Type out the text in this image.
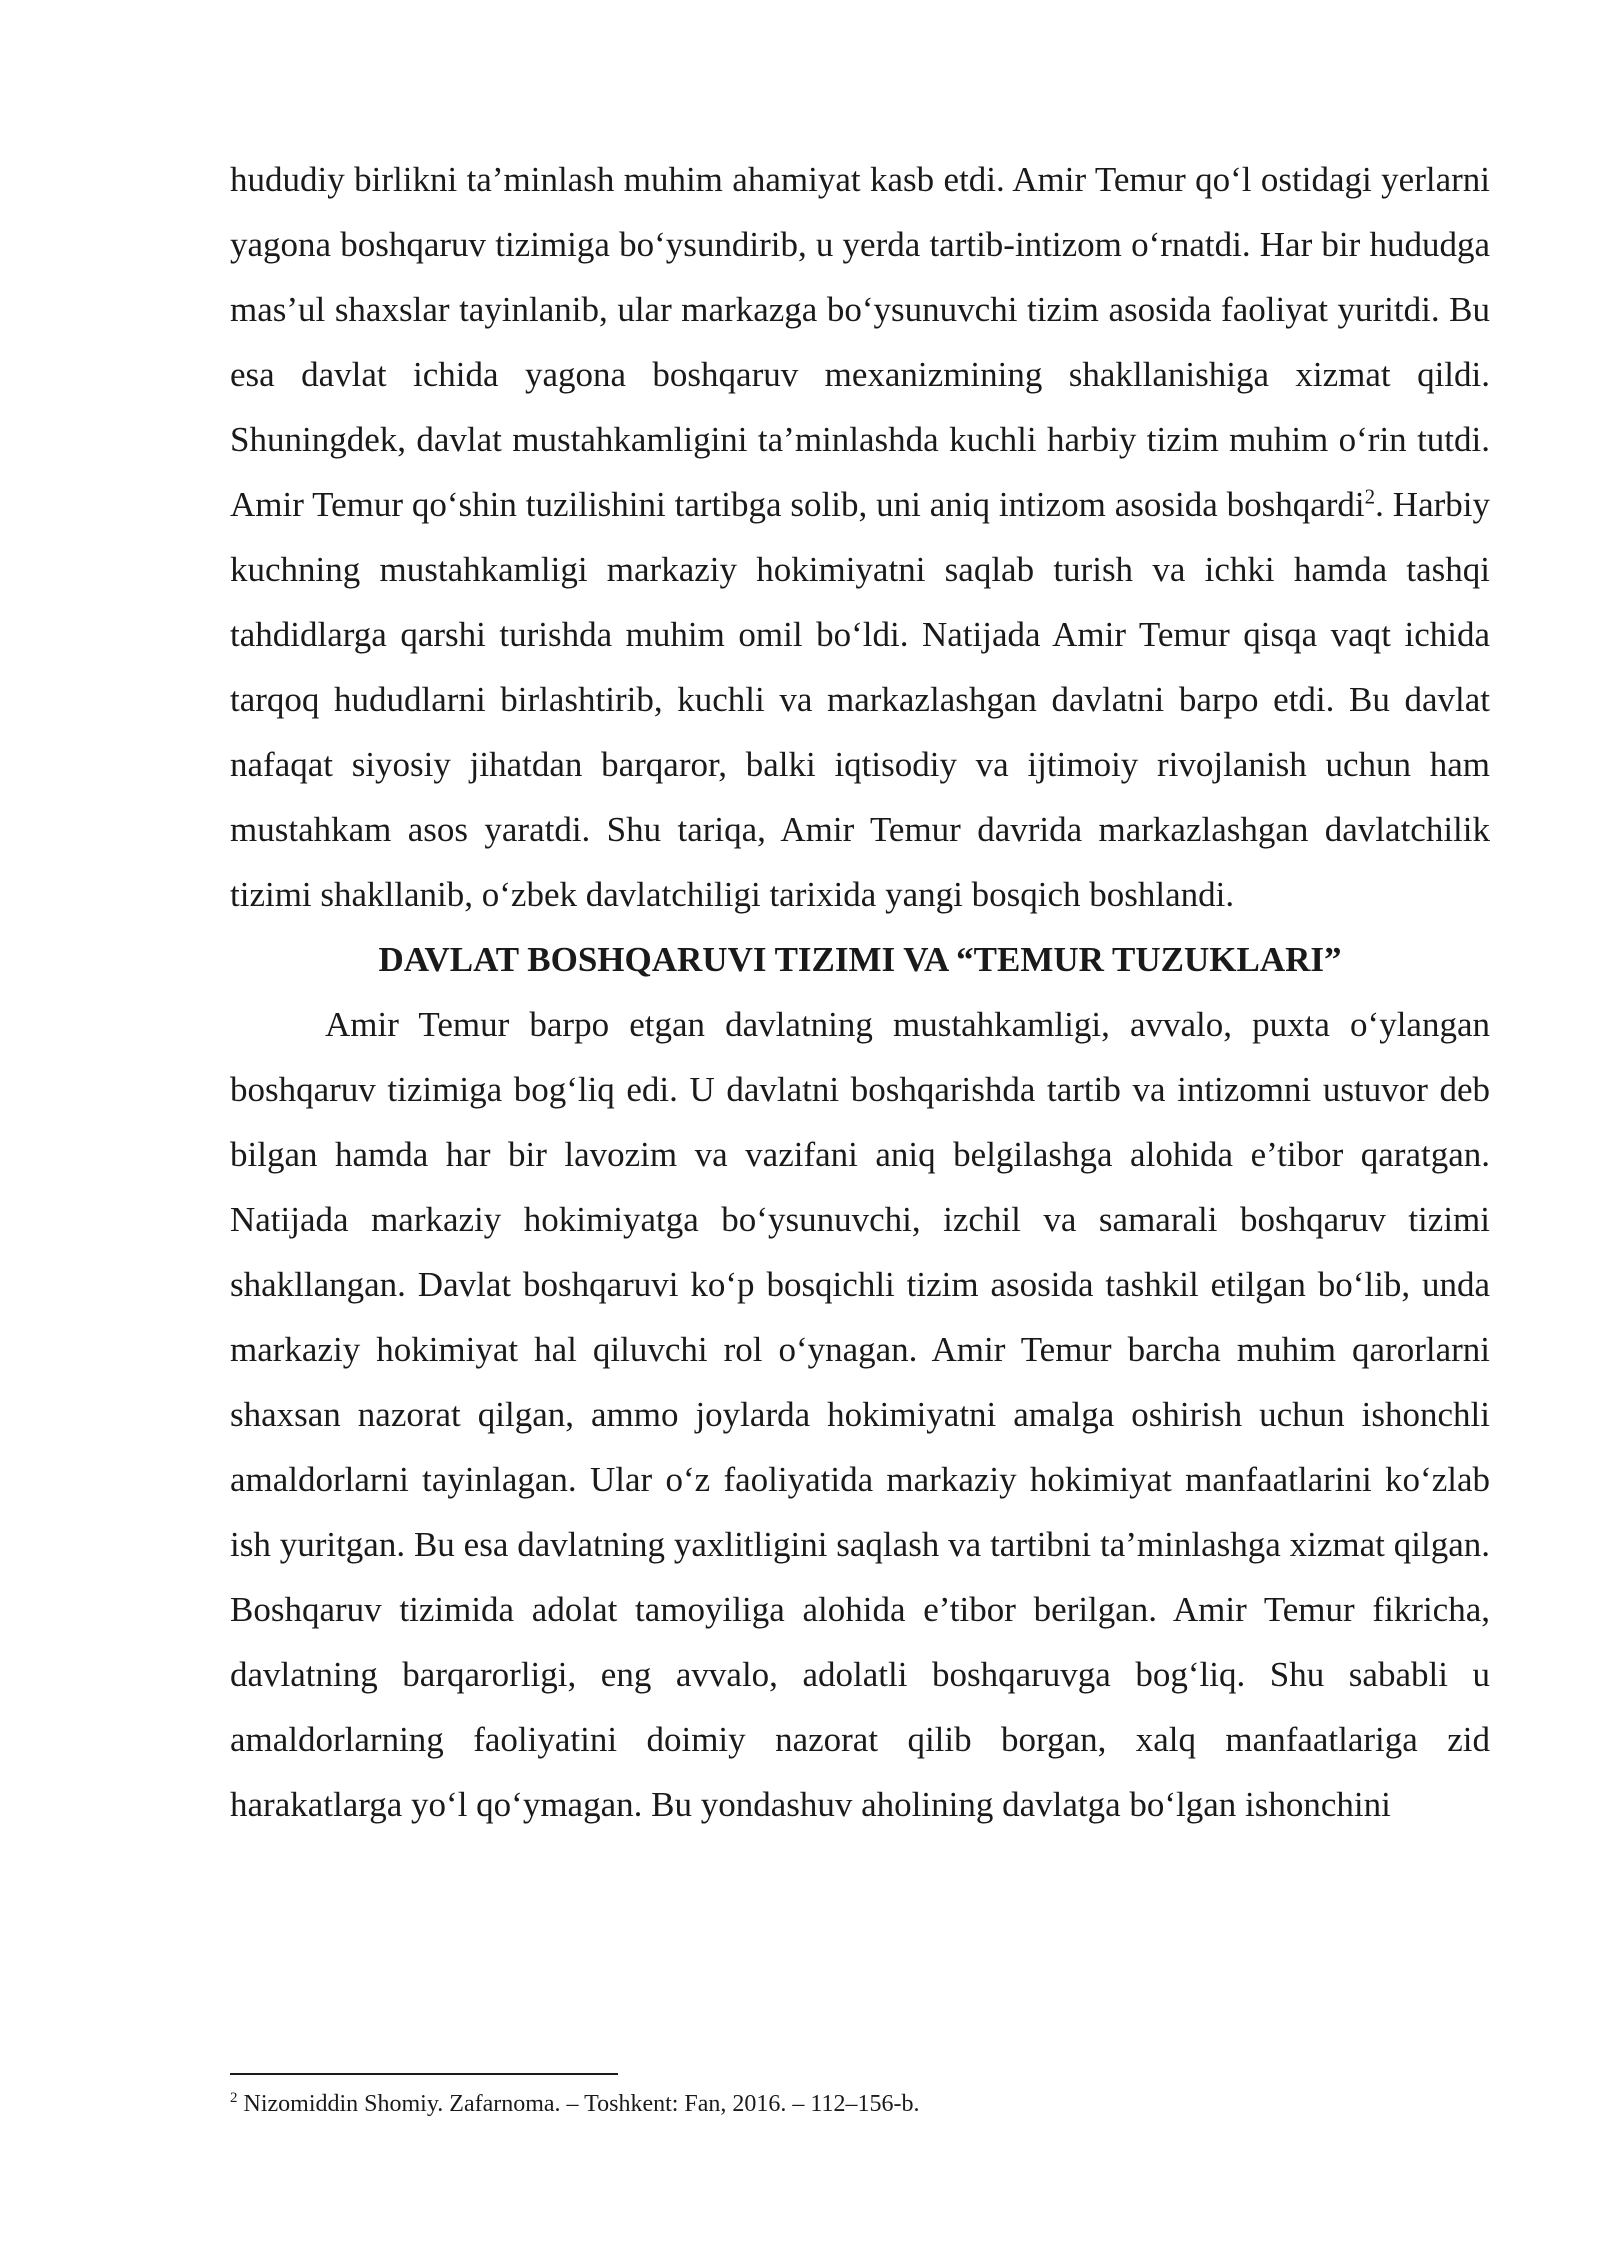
hududiy birlikni ta’minlash muhim ahamiyat kasb etdi. Amir Temur qo‘l ostidagi yerlarni yagona boshqaruv tizimiga bo‘ysundirib, u yerda tartib-intizom o‘rnatdi. Har bir hududga mas’ul shaxslar tayinlanib, ular markazga bo‘ysunuvchi tizim asosida faoliyat yuritdi. Bu esa davlat ichida yagona boshqaruv mexanizmining shakllanishiga xizmat qildi. Shuningdek, davlat mustahkamligini ta’minlashda kuchli harbiy tizim muhim o‘rin tutdi. Amir Temur qo‘shin tuzilishini tartibga solib, uni aniq intizom asosida boshqardi$^2$. Harbiy kuchning mustahkamligi markaziy hokimiyatni saqlab turish va ichki hamda tashqi tahdidlarga qarshi turishda muhim omil bo‘ldi. Natijada Amir Temur qisqa vaqt ichida tarqoq hududlarni birlashtirib, kuchli va markazlashgan davlatni barpo etdi. Bu davlat nafaqat siyosiy jihatdan barqaror, balki iqtisodiy va ijtimoiy rivojlanish uchun ham mustahkam asos yaratdi. Shu tariqa, Amir Temur davrida markazlashgan davlatchilik tizimi shakllanib, o‘zbek davlatchiligi tarixida yangi bosqich boshlandi.

DAVLAT BOSHQARUVI TIZIMI VA “TEMUR TUZUKLARI”

Amir Temur barpo etgan davlatning mustahkamligi, avvalo, puxta o‘ylangan boshqaruv tizimiga bog‘liq edi. U davlatni boshqarishda tartib va intizomni ustuvor deb bilgan hamda har bir lavozim va vazifani aniq belgilashga alohida e’tibor qaratgan. Natijada markaziy hokimiyatga bo‘ysunuvchi, izchil va samarali boshqaruv tizimi shakllangan. Davlat boshqaruvi ko‘p bosqichli tizim asosida tashkil etilgan bo‘lib, unda markaziy hokimiyat hal qiluvchi rol o‘ynagan. Amir Temur barcha muhim qarorlarni shaxsan nazorat qilgan, ammo joylarda hokimiyatni amalga oshirish uchun ishonchli amaldorlarni tayinlagan. Ular o‘z faoliyatida markaziy hokimiyat manfaatlarini ko‘zlab ish yuritgan. Bu esa davlatning yaxlitligini saqlash va tartibni ta’minlashga xizmat qilgan. Boshqaruv tizimida adolat tamoyiliga alohida e’tibor berilgan. Amir Temur fikricha, davlatning barqarorligi, eng avvalo, adolatli boshqaruvga bog‘liq. Shu sababli u amaldorlarning faoliyatini doimiy nazorat qilib borgan, xalq manfaatlariga zid harakatlarga yo‘l qo‘ymagan. Bu yondashuv aholining davlatga bo‘lgan ishonchini

$^2$ Nizomiddin Shomiy. Zafarnoma. – Toshkent: Fan, 2016. – 112–156-b.
